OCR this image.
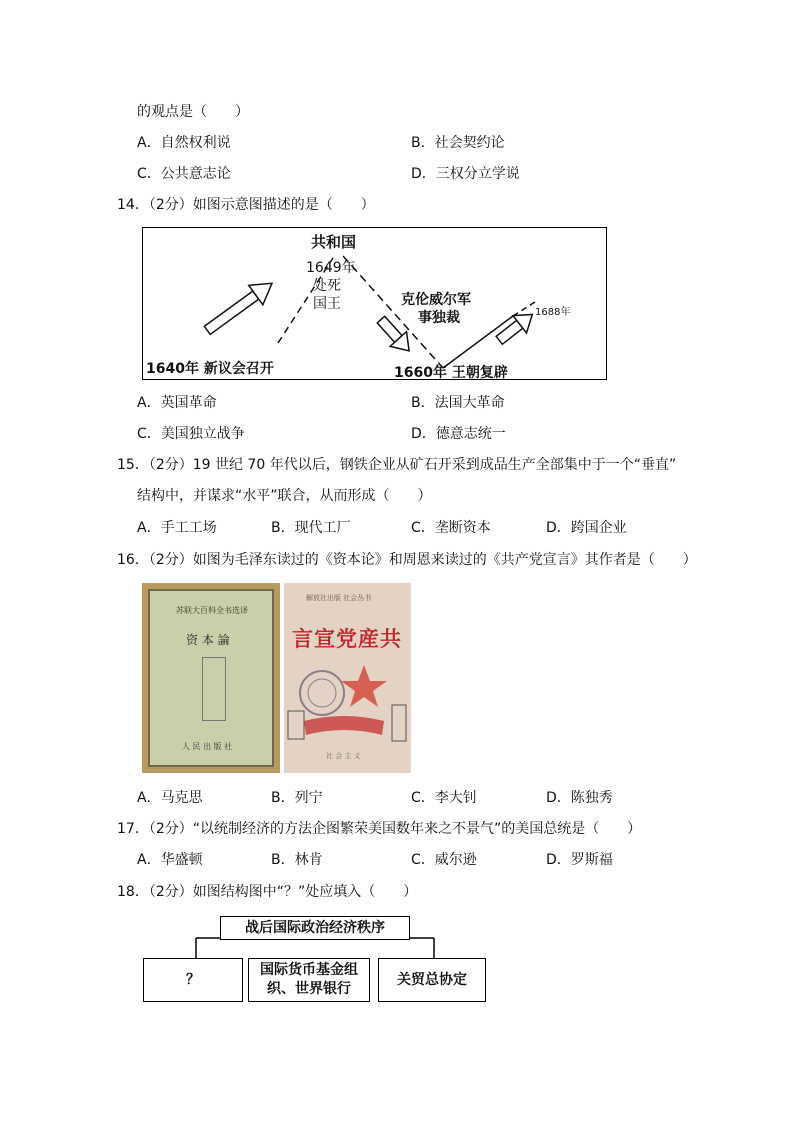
的观点是（　　）
A．自然权利说	B．社会契约论
C．公共意志论	D．三权分立学说
14．（2分）如图示意图描述的是（　　）
共和国
1649年
处死
国王	克伦威尔军
事独裁	1688年
1640年 新议会召开	1660年 王朝复辟
A．英国革命	B．法国大革命
C．美国独立战争	D．德意志统一
15．（2分）19 世纪 70 年代以后，钢铁企业从矿石开采到成品生产全部集中于一个“垂直”
结构中，并谋求“水平”联合，从而形成（　　）
A．手工工场	B．现代工厂	C．垄断资本	D．跨国企业
16．（2分）如图为毛泽东读过的《资本论》和周恩来读过的《共产党宣言》其作者是（　　）
苏联大百科全书选译
资 本 論
人 民 出 版 社
解放社出版 社会丛书
言宣党産共
社 会 主 义
A．马克思	B．列宁	C．李大钊	D．陈独秀
17．（2分）“以统制经济的方法企图繁荣美国数年来之不景气”的美国总统是（　　）
A．华盛顿	B．林肯	C．威尔逊	D．罗斯福
18．（2分）如图结构图中“？”处应填入（　　）
战后国际政治经济秩序
？
国际货币基金组
织、世界银行
关贸总协定
